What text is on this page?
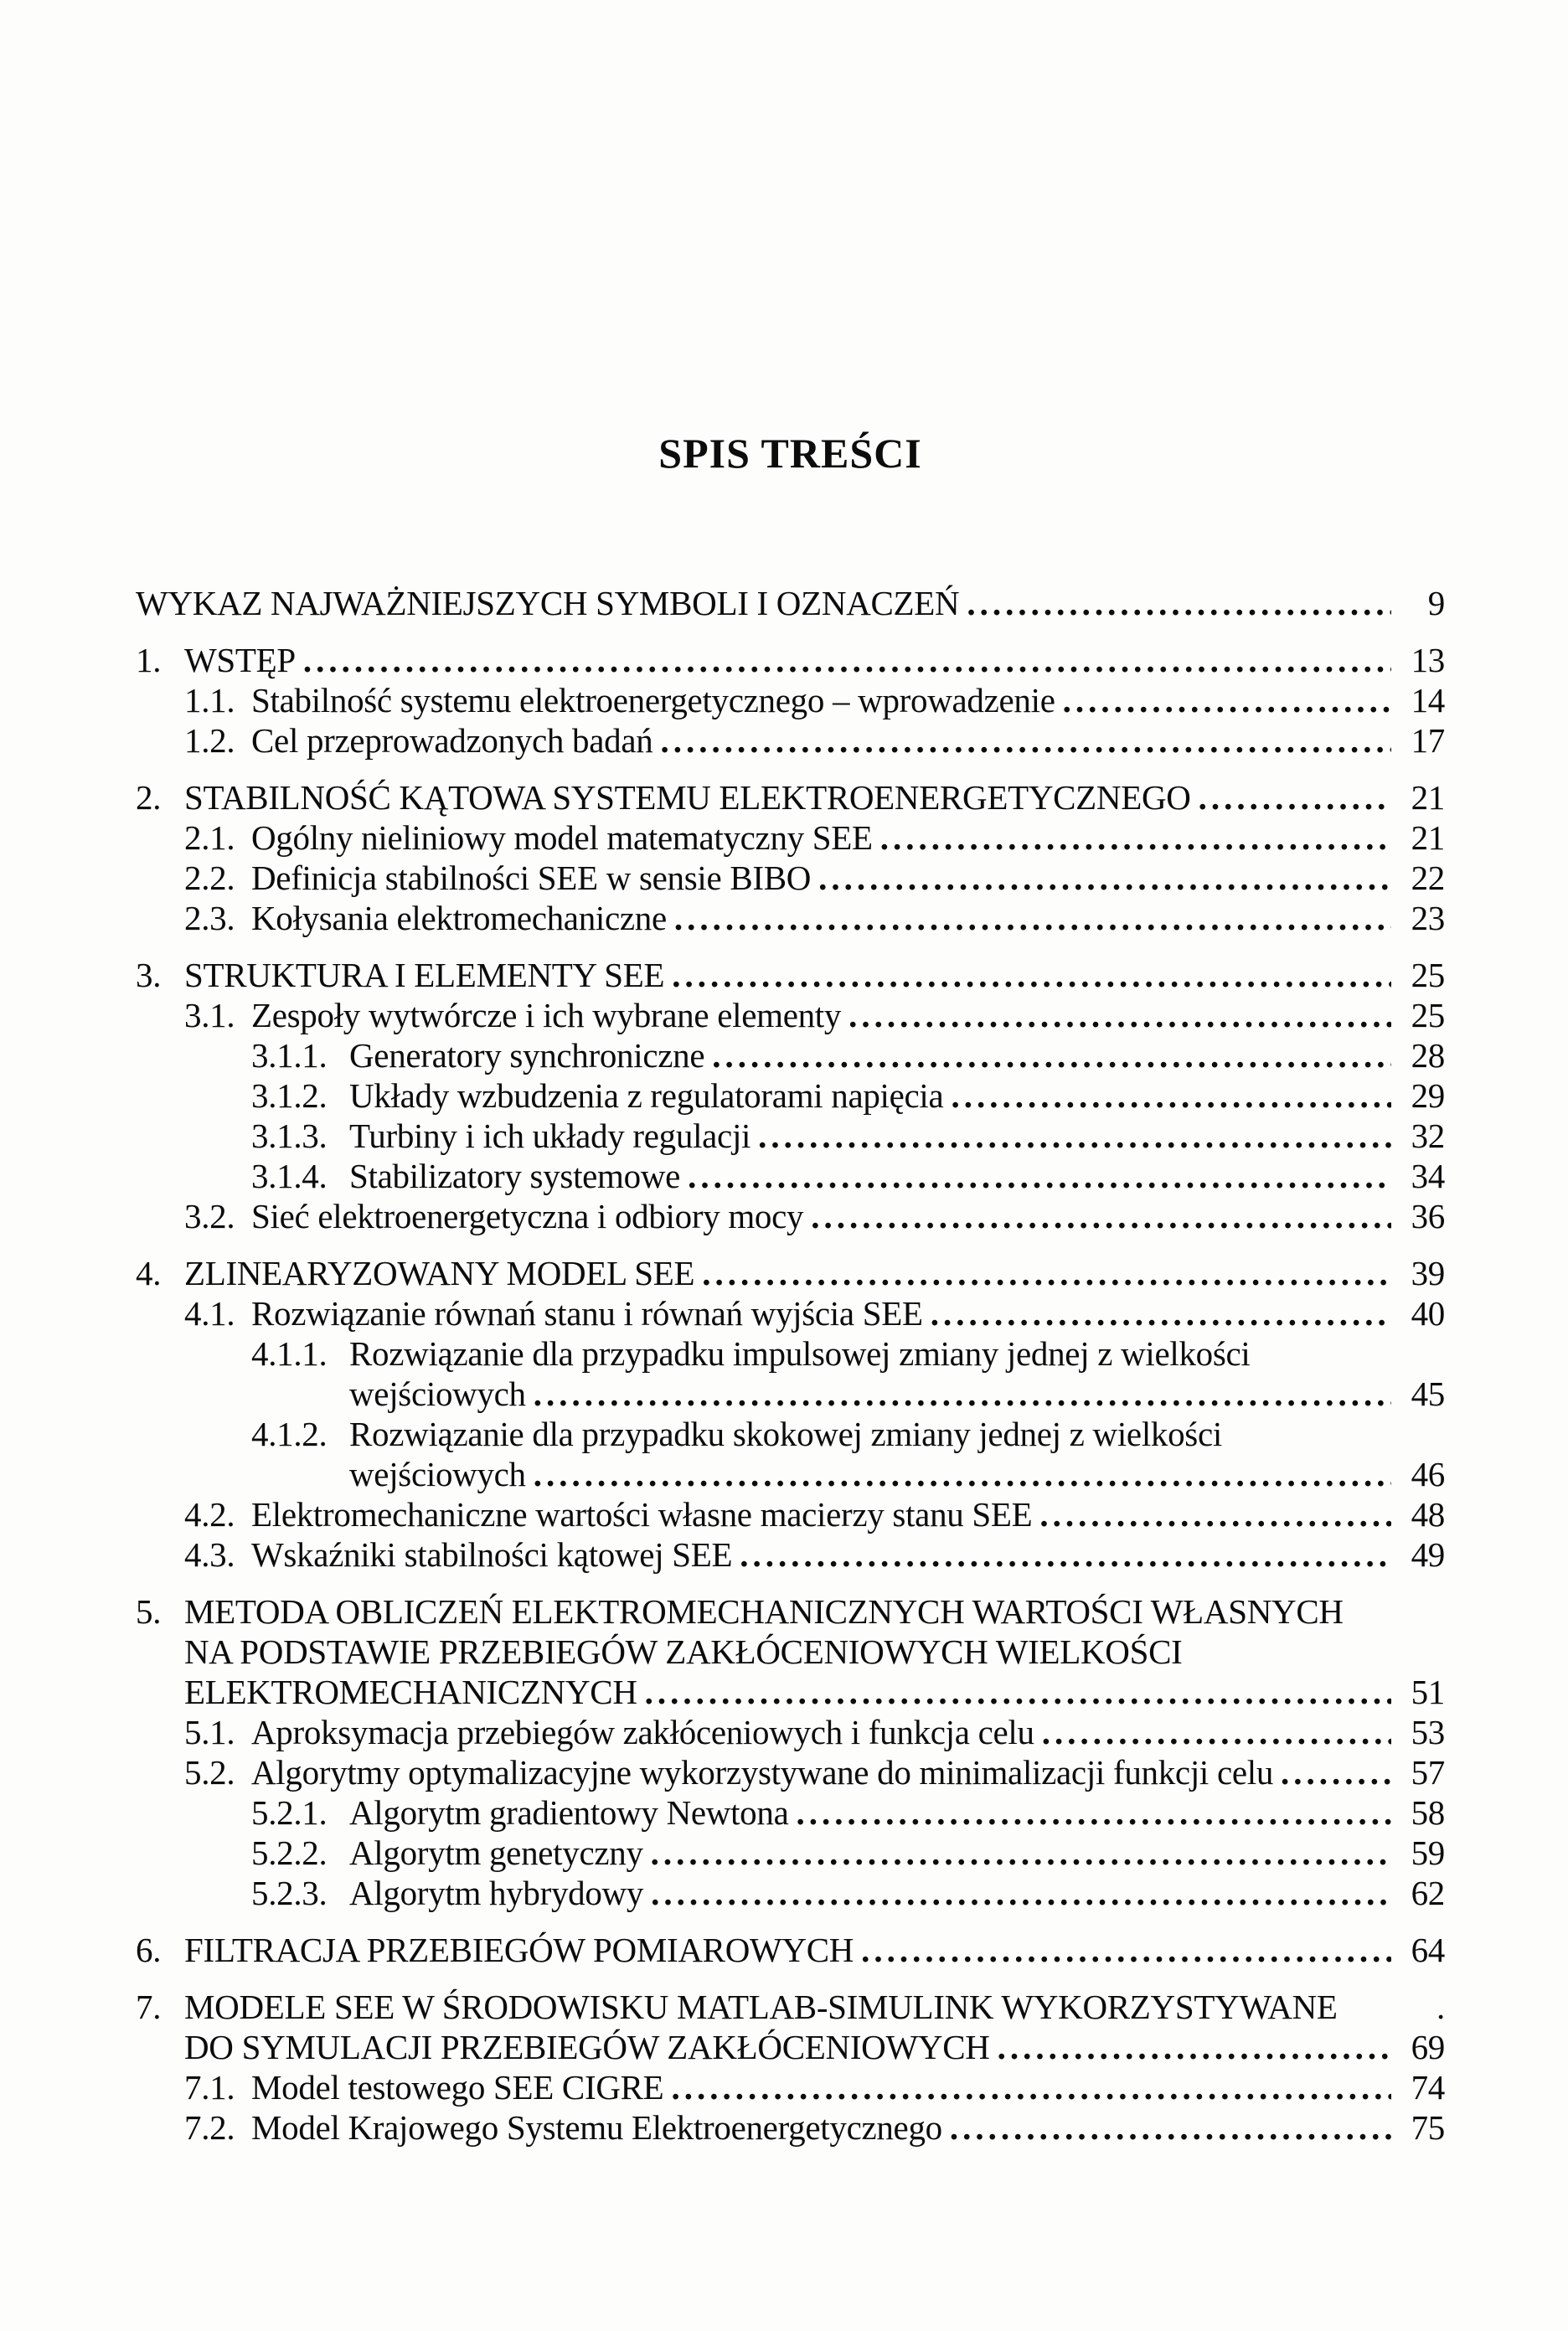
SPIS TREŚCI
WYKAZ NAJWAŻNIEJSZYCH SYMBOLI I OZNACZEŃ .....	9
1. WSTĘP .....	13
1.1. Stabilność systemu elektroenergetycznego – wprowadzenie .....	14
1.2. Cel przeprowadzonych badań .....	17
2. STABILNOŚĆ KĄTOWA SYSTEMU ELEKTROENERGETYCZNEGO .....	21
2.1. Ogólny nieliniowy model matematyczny SEE .....	21
2.2. Definicja stabilności SEE w sensie BIBO .....	22
2.3. Kołysania elektromechaniczne .....	23
3. STRUKTURA I ELEMENTY SEE .....	25
3.1. Zespoły wytwórcze i ich wybrane elementy .....	25
3.1.1. Generatory synchroniczne .....	28
3.1.2. Układy wzbudzenia z regulatorami napięcia .....	29
3.1.3. Turbiny i ich układy regulacji .....	32
3.1.4. Stabilizatory systemowe .....	34
3.2. Sieć elektroenergetyczna i odbiory mocy .....	36
4. ZLINEARYZOWANY MODEL SEE .....	39
4.1. Rozwiązanie równań stanu i równań wyjścia SEE .....	40
4.1.1. Rozwiązanie dla przypadku impulsowej zmiany jednej z wielkości
wejściowych .....	45
4.1.2. Rozwiązanie dla przypadku skokowej zmiany jednej z wielkości
wejściowych .....	46
4.2. Elektromechaniczne wartości własne macierzy stanu SEE .....	48
4.3. Wskaźniki stabilności kątowej SEE .....	49
5. METODA OBLICZEŃ ELEKTROMECHANICZNYCH WARTOŚCI WŁASNYCH
NA PODSTAWIE PRZEBIEGÓW ZAKŁÓCENIOWYCH WIELKOŚCI
ELEKTROMECHANICZNYCH .....	51
5.1. Aproksymacja przebiegów zakłóceniowych i funkcja celu .....	53
5.2. Algorytmy optymalizacyjne wykorzystywane do minimalizacji funkcji celu .....	57
5.2.1. Algorytm gradientowy Newtona .....	58
5.2.2. Algorytm genetyczny .....	59
5.2.3. Algorytm hybrydowy .....	62
6. FILTRACJA PRZEBIEGÓW POMIAROWYCH .....	64
7. MODELE SEE W ŚRODOWISKU MATLAB-SIMULINK WYKORZYSTYWANE	.
DO SYMULACJI PRZEBIEGÓW ZAKŁÓCENIOWYCH .....	69
7.1. Model testowego SEE CIGRE .....	74
7.2. Model Krajowego Systemu Elektroenergetycznego .....	75
